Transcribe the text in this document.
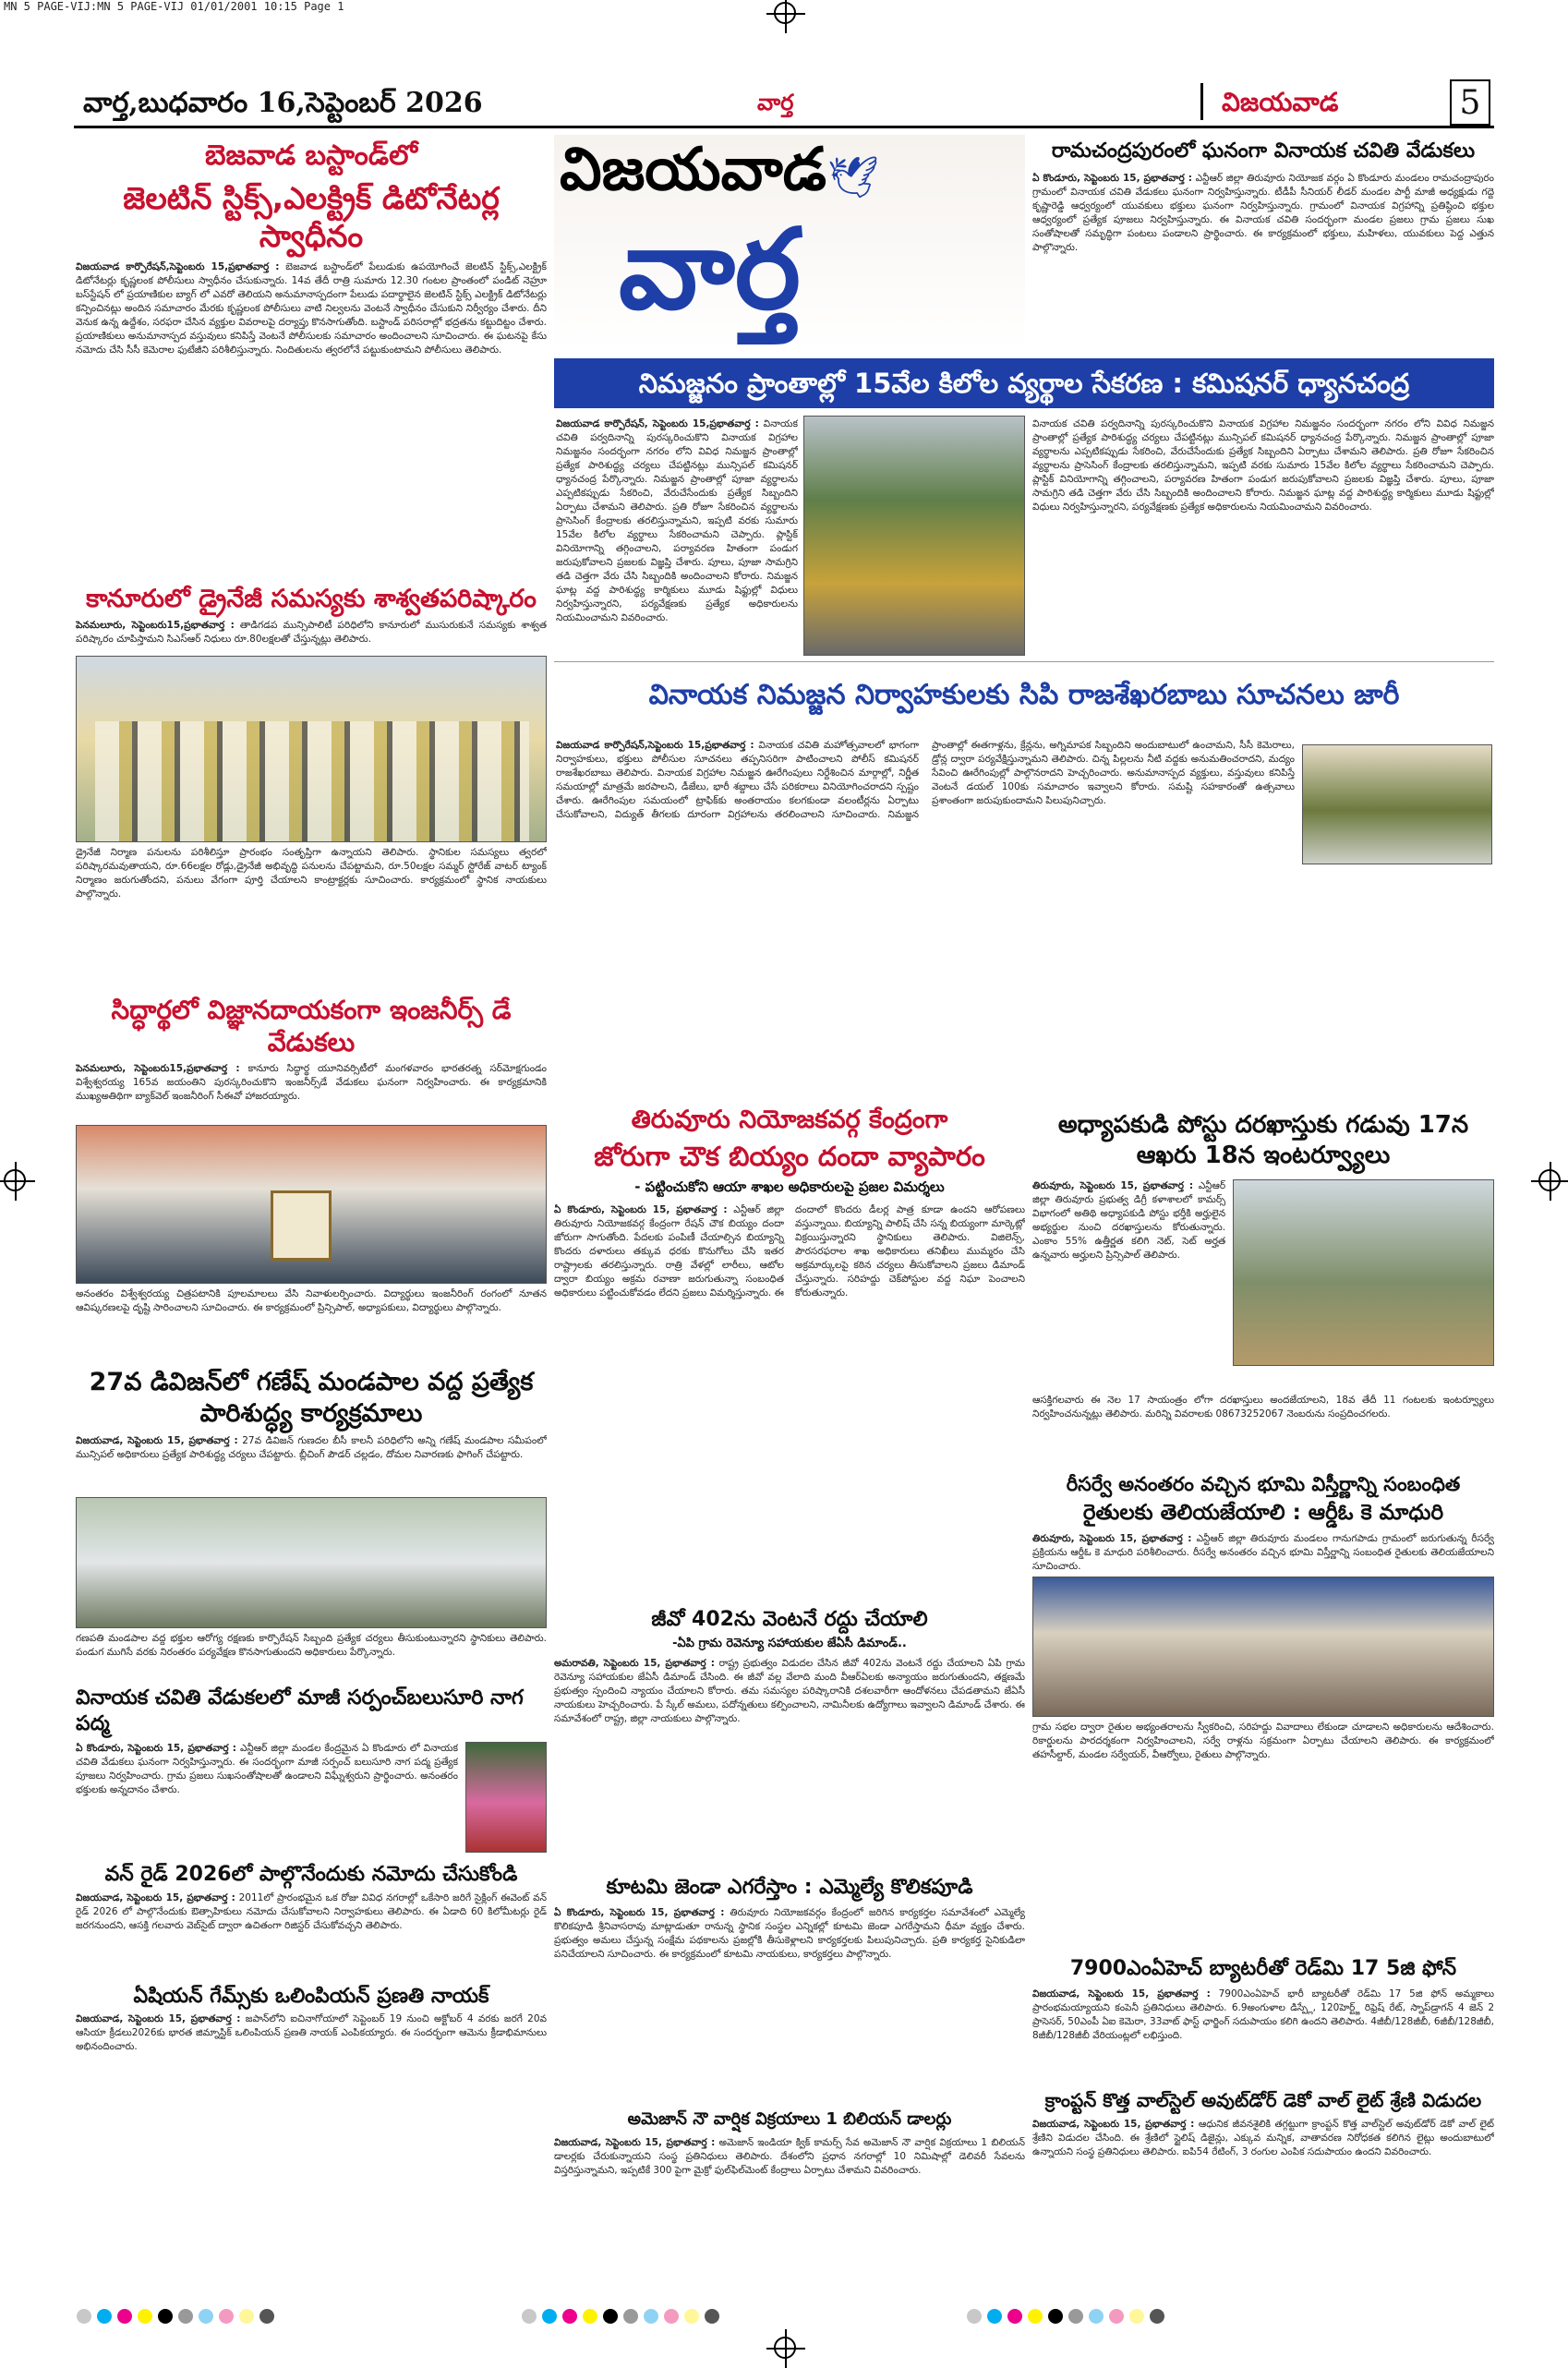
MN 5 PAGE-VIJ:MN 5 PAGE-VIJ 01/01/2001 10:15 Page 1
వార్త,బుధవారం 16,సెప్టెంబర్ 2026	వార్త	విజయవాడ	5
బెజవాడ బస్టాండ్‌లో
జెలటిన్ స్టిక్స్,ఎలక్ట్రిక్ డిటోనేటర్ల స్వాధీనం
విజయవాడ కార్పొరేషన్,సెప్టెంబరు 15,ప్రభాతవార్త : బెజవాడ బస్టాండ్‌లో పేలుడుకు ఉపయోగించే జెలటిన్ స్టిక్స్,ఎలక్ట్రిక్ డిటోనేటర్లు కృష్ణలంక పోలీసులు స్వాధీనం చేసుకున్నారు. 14వ తేదీ రాత్రి సుమారు 12.30 గంటల ప్రాంతంలో పండిట్ నెహ్రూ బస్‌స్టేషన్ లో ప్రయాణికుల బ్యాగ్ లో ఎవరో తెలియని అనుమానాస్పదంగా పేలుడు పదార్థాలైన జెలటిన్ స్టిక్స్ ఎలక్ట్రిక్ డిటోనేటర్లు కన్పించినట్లు అందిన సమాచారం మేరకు కృష్ణలంక పోలీసులు వాటి నిల్వలను వెంటనే స్వాధీనం చేసుకుని నిర్వీర్యం చేశారు. దీని వెనుక ఉన్న ఉద్దేశం, సరఫరా చేసిన వ్యక్తుల వివరాలపై దర్యాప్తు కొనసాగుతోంది. బస్టాండ్ పరిసరాల్లో భద్రతను కట్టుదిట్టం చేశారు. ప్రయాణికులు అనుమానాస్పద వస్తువులు కనిపిస్తే వెంటనే పోలీసులకు సమాచారం అందించాలని సూచించారు. ఈ ఘటనపై కేసు నమోదు చేసి సీసీ కెమెరాల ఫుటేజీని పరిశీలిస్తున్నారు. నిందితులను త్వరలోనే పట్టుకుంటామని పోలీసులు తెలిపారు.
కానూరులో డ్రైనేజీ సమస్యకు శాశ్వతపరిష్కారం
పెనమలూరు, సెప్టెంబరు15,ప్రభాతవార్త : తాడిగడప మున్సిపాలిటీ పరిధిలోని కానూరులో ముసురుకునే సమస్యకు శాశ్వత పరిష్కారం చూపిస్తామని సిఎస్ఆర్ నిధులు రూ.80లక్షలతో చేస్తున్నట్లు తెలిపారు.
డ్రైనేజీ నిర్మాణ పనులను పరిశీలిస్తూ ప్రారంభం సంతృప్తిగా ఉన్నాయని తెలిపారు. స్థానికుల సమస్యలు త్వరలో పరిష్కారమవుతాయని, రూ.66లక్షల రోడ్లు,డ్రైనేజీ అభివృద్ధి పనులను చేపట్టామని, రూ.50లక్షల సమ్మర్ స్టోరేజ్ వాటర్ ట్యాంక్ నిర్మాణం జరుగుతోందని, పనులు వేగంగా పూర్తి చేయాలని కాంట్రాక్టర్లకు సూచించారు. కార్యక్రమంలో స్థానిక నాయకులు పాల్గొన్నారు.
సిద్ధార్థలో విజ్ఞానదాయకంగా ఇంజనీర్స్ డే వేడుకలు
పెనమలూరు, సెప్టెంబరు15,ప్రభాతవార్త : కానూరు సిద్ధార్థ యూనివర్సిటీలో మంగళవారం భారతరత్న సర్‌మోక్షగుండం విశ్వేశ్వరయ్య 165వ జయంతిని పురస్కరించుకొని ఇంజనీర్స్‌డే వేడుకలు ఘనంగా నిర్వహించారు. ఈ కార్యక్రమానికి ముఖ్యఅతిథిగా బ్యాక్‌వెల్ ఇంజనీరింగ్ సీఈవో హాజరయ్యారు.
అనంతరం విశ్వేశ్వరయ్య చిత్రపటానికి పూలమాలలు వేసి నివాళులర్పించారు. విద్యార్థులు ఇంజనీరింగ్ రంగంలో నూతన ఆవిష్కరణలపై దృష్టి సారించాలని సూచించారు. ఈ కార్యక్రమంలో ప్రిన్సిపాల్, అధ్యాపకులు, విద్యార్థులు పాల్గొన్నారు.
27వ డివిజన్‌లో గణేష్ మండపాల వద్ద ప్రత్యేక పారిశుద్ధ్య కార్యక్రమాలు
విజయవాడ, సెప్టెంబరు 15, ప్రభాతవార్త : 27వ డివిజన్ గుణదల బీసీ కాలనీ పరిధిలోని అన్ని గణేష్ మండపాల సమీపంలో మున్సిపల్ అధికారులు ప్రత్యేక పారిశుద్ధ్య చర్యలు చేపట్టారు. బ్లీచింగ్ పౌడర్ చల్లడం, దోమల నివారణకు ఫాగింగ్ చేపట్టారు.
గణపతి మండపాల వద్ద భక్తుల ఆరోగ్య రక్షణకు కార్పొరేషన్ సిబ్బంది ప్రత్యేక చర్యలు తీసుకుంటున్నారని స్థానికులు తెలిపారు. పండుగ ముగిసే వరకు నిరంతరం పర్యవేక్షణ కొనసాగుతుందని అధికారులు పేర్కొన్నారు.
వినాయక చవితి వేడుకలలో మాజీ సర్పంచ్‌బలుసూరి నాగ పద్మ
ఏ కొండూరు, సెప్టెంబరు 15, ప్రభాతవార్త : ఎన్టీఆర్ జిల్లా మండల కేంద్రమైన ఏ కొండూరు లో వినాయక చవితి వేడుకలు ఘనంగా నిర్వహిస్తున్నారు. ఈ సందర్భంగా మాజీ సర్పంచ్ బలుసూరి నాగ పద్మ ప్రత్యేక పూజలు నిర్వహించారు. గ్రామ ప్రజలు సుఖసంతోషాలతో ఉండాలని విఘ్నేశ్వరుని ప్రార్థించారు. అనంతరం భక్తులకు అన్నదానం చేశారు.
వన్ రైడ్ 2026లో పాల్గొనేందుకు నమోదు చేసుకోండి
విజయవాడ, సెప్టెంబరు 15, ప్రభాతవార్త : 2011లో ప్రారంభమైన ఒక రోజు వివిధ నగరాల్లో ఒకేసారి జరిగే సైక్లింగ్ ఈవెంట్ వన్ రైడ్ 2026 లో పాల్గొనేందుకు ఔత్సాహికులు నమోదు చేసుకోవాలని నిర్వాహకులు తెలిపారు. ఈ ఏడాది 60 కిలోమీటర్లు రైడ్ జరగనుందని, ఆసక్తి గలవారు వెబ్‌సైట్ ద్వారా ఉచితంగా రిజిస్టర్ చేసుకోవచ్చని తెలిపారు.
ఏషియన్ గేమ్స్‌కు ఒలింపియన్ ప్రణతి నాయక్
విజయవాడ, సెప్టెంబరు 15, ప్రభాతవార్త : జపాన్‌లోని ఐచినాగోయాలో సెప్టెంబర్ 19 నుంచి అక్టోబర్ 4 వరకు జరగే 20వ ఆసియా క్రీడలు2026కు భారత జిమ్నాస్టిక్ ఒలింపియన్ ప్రణతి నాయక్ ఎంపికయ్యారు. ఈ సందర్భంగా ఆమెను క్రీడాభిమానులు అభినందించారు.
విజయవాడ 🕊
వార్త
రామచంద్రపురంలో ఘనంగా వినాయక చవితి వేడుకలు
ఏ కొండూరు, సెప్టెంబరు 15, ప్రభాతవార్త : ఎన్టీఆర్ జిల్లా తిరువూరు నియోజక వర్గం ఏ కొండూరు మండలం రామచంద్రాపురం గ్రామంలో వినాయక చవితి వేడుకలు ఘనంగా నిర్వహిస్తున్నారు. టీడీపీ సీనియర్ లీడర్ మండల పార్టీ మాజీ అధ్యక్షుడు గద్దె కృష్ణారెడ్డి ఆధ్వర్యంలో యువకులు భక్తులు ఘనంగా నిర్వహిస్తున్నారు. గ్రామంలో వినాయక విగ్రహాన్ని ప్రతిష్ఠించి భక్తుల ఆధ్వర్యంలో ప్రత్యేక పూజలు నిర్వహిస్తున్నారు. ఈ వినాయక చవితి సందర్భంగా మండల ప్రజలు గ్రామ ప్రజలు సుఖ సంతోషాలతో సమృద్ధిగా పంటలు పండాలని ప్రార్థించారు. ఈ కార్యక్రమంలో భక్తులు, మహిళలు, యువకులు పెద్ద ఎత్తున పాల్గొన్నారు.
నిమజ్జనం ప్రాంతాల్లో 15వేల కిలోల వ్యర్థాల సేకరణ : కమిషనర్ ధ్యానచంద్ర
విజయవాడ కార్పొరేషన్, సెప్టెంబరు 15,ప్రభాతవార్త : వినాయక చవితి పర్వదినాన్ని పురస్కరించుకొని వినాయక విగ్రహాల నిమజ్జనం సందర్భంగా నగరం లోని వివిధ నిమజ్జన ప్రాంతాల్లో ప్రత్యేక పారిశుద్ధ్య చర్యలు చేపట్టినట్లు మున్సిపల్ కమిషనర్ ధ్యానచంద్ర పేర్కొన్నారు. నిమజ్జన ప్రాంతాల్లో పూజా వ్యర్థాలను ఎప్పటికప్పుడు సేకరించి, వేరుచేసేందుకు ప్రత్యేక సిబ్బందిని ఏర్పాటు చేశామని తెలిపారు. ప్రతి రోజూ సేకరించిన వ్యర్థాలను ప్రాసెసింగ్ కేంద్రాలకు తరలిస్తున్నామని, ఇప్పటి వరకు సుమారు 15వేల కిలోల వ్యర్థాలు సేకరించామని చెప్పారు. ప్లాస్టిక్ వినియోగాన్ని తగ్గించాలని, పర్యావరణ హితంగా పండుగ జరుపుకోవాలని ప్రజలకు విజ్ఞప్తి చేశారు. పూలు, పూజా సామగ్రిని తడి చెత్తగా వేరు చేసి సిబ్బందికి అందించాలని కోరారు. నిమజ్జన ఘాట్ల వద్ద పారిశుద్ధ్య కార్మికులు మూడు షిఫ్టుల్లో విధులు నిర్వహిస్తున్నారని, పర్యవేక్షణకు ప్రత్యేక అధికారులను నియమించామని వివరించారు.
వినాయక చవితి పర్వదినాన్ని పురస్కరించుకొని వినాయక విగ్రహాల నిమజ్జనం సందర్భంగా నగరం లోని వివిధ నిమజ్జన ప్రాంతాల్లో ప్రత్యేక పారిశుద్ధ్య చర్యలు చేపట్టినట్లు మున్సిపల్ కమిషనర్ ధ్యానచంద్ర పేర్కొన్నారు. నిమజ్జన ప్రాంతాల్లో పూజా వ్యర్థాలను ఎప్పటికప్పుడు సేకరించి, వేరుచేసేందుకు ప్రత్యేక సిబ్బందిని ఏర్పాటు చేశామని తెలిపారు. ప్రతి రోజూ సేకరించిన వ్యర్థాలను ప్రాసెసింగ్ కేంద్రాలకు తరలిస్తున్నామని, ఇప్పటి వరకు సుమారు 15వేల కిలోల వ్యర్థాలు సేకరించామని చెప్పారు. ప్లాస్టిక్ వినియోగాన్ని తగ్గించాలని, పర్యావరణ హితంగా పండుగ జరుపుకోవాలని ప్రజలకు విజ్ఞప్తి చేశారు. పూలు, పూజా సామగ్రిని తడి చెత్తగా వేరు చేసి సిబ్బందికి అందించాలని కోరారు. నిమజ్జన ఘాట్ల వద్ద పారిశుద్ధ్య కార్మికులు మూడు షిఫ్టుల్లో విధులు నిర్వహిస్తున్నారని, పర్యవేక్షణకు ప్రత్యేక అధికారులను నియమించామని వివరించారు.
వినాయక నిమజ్జన నిర్వాహకులకు సిపి రాజశేఖరబాబు సూచనలు జారీ
విజయవాడ కార్పొరేషన్,సెప్టెంబరు 15,ప్రభాతవార్త : వినాయక చవితి మహోత్సవాలలో భాగంగా నిర్వాహకులు, భక్తులు పోలీసుల సూచనలు తప్పనిసరిగా పాటించాలని పోలీస్ కమిషనర్ రాజశేఖరబాబు తెలిపారు. వినాయక విగ్రహాల నిమజ్జన ఊరేగింపులు నిర్దేశించిన మార్గాల్లో, నిర్ణీత సమయాల్లో మాత్రమే జరపాలని, డీజేలు, భారీ శబ్దాలు చేసే పరికరాలు వినియోగించరాదని స్పష్టం చేశారు. ఊరేగింపుల సమయంలో ట్రాఫిక్‌కు అంతరాయం కలగకుండా వలంటీర్లను ఏర్పాటు చేసుకోవాలని, విద్యుత్ తీగలకు దూరంగా విగ్రహాలను తరలించాలని సూచించారు. నిమజ్జన ప్రాంతాల్లో ఈతగాళ్లను, క్రేన్లను, అగ్నిమాపక సిబ్బందిని అందుబాటులో ఉంచామని, సీసీ కెమెరాలు, డ్రోన్ల ద్వారా పర్యవేక్షిస్తున్నామని తెలిపారు. చిన్న పిల్లలను నీటి వద్దకు అనుమతించరాదని, మద్యం సేవించి ఊరేగింపుల్లో పాల్గొనరాదని హెచ్చరించారు. అనుమానాస్పద వ్యక్తులు, వస్తువులు కనిపిస్తే వెంటనే డయల్ 100కు సమాచారం ఇవ్వాలని కోరారు. సమష్టి సహకారంతో ఉత్సవాలు ప్రశాంతంగా జరుపుకుందామని పిలుపునిచ్చారు.
తిరువూరు నియోజకవర్గ కేంద్రంగా
జోరుగా చౌక బియ్యం దందా వ్యాపారం
- పట్టించుకోని ఆయా శాఖల అధికారులపై ప్రజల విమర్శలు
ఏ కొండూరు, సెప్టెంబరు 15, ప్రభాతవార్త : ఎన్టీఆర్ జిల్లా తిరువూరు నియోజకవర్గ కేంద్రంగా రేషన్ చౌక బియ్యం దందా జోరుగా సాగుతోంది. పేదలకు పంపిణీ చేయాల్సిన బియ్యాన్ని కొందరు దళారులు తక్కువ ధరకు కొనుగోలు చేసి ఇతర రాష్ట్రాలకు తరలిస్తున్నారు. రాత్రి వేళల్లో లారీలు, ఆటోల ద్వారా బియ్యం అక్రమ రవాణా జరుగుతున్నా సంబంధిత అధికారులు పట్టించుకోవడం లేదని ప్రజలు విమర్శిస్తున్నారు. ఈ దందాలో కొందరు డీలర్ల పాత్ర కూడా ఉందని ఆరోపణలు వస్తున్నాయి. బియ్యాన్ని పాలిష్ చేసి సన్న బియ్యంగా మార్కెట్లో విక్రయిస్తున్నారని స్థానికులు తెలిపారు. విజిలెన్స్, పౌరసరఫరాల శాఖ అధికారులు తనిఖీలు ముమ్మరం చేసి అక్రమార్కులపై కఠిన చర్యలు తీసుకోవాలని ప్రజలు డిమాండ్ చేస్తున్నారు. సరిహద్దు చెక్‌పోస్టుల వద్ద నిఘా పెంచాలని కోరుతున్నారు.
అధ్యాపకుడి పోస్టు దరఖాస్తుకు గడువు 17న ఆఖరు 18న ఇంటర్వ్యూలు
తిరువూరు, సెప్టెంబరు 15, ప్రభాతవార్త : ఎన్టీఆర్ జిల్లా తిరువూరు ప్రభుత్వ డిగ్రీ కళాశాలలో కామర్స్ విభాగంలో అతిథి అధ్యాపకుడి పోస్టు భర్తీకి అర్హులైన అభ్యర్థుల నుంచి దరఖాస్తులను కోరుతున్నారు. ఎంకాం 55% ఉత్తీర్ణత కలిగి నెట్, సెట్ అర్హత ఉన్నవారు అర్హులని ప్రిన్సిపాల్ తెలిపారు.
ఆసక్తిగలవారు ఈ నెల 17 సాయంత్రం లోగా దరఖాస్తులు అందజేయాలని, 18వ తేదీ 11 గంటలకు ఇంటర్వ్యూలు నిర్వహించనున్నట్లు తెలిపారు. మరిన్ని వివరాలకు 08673252067 నెంబరును సంప్రదించగలరు.
రీసర్వే అనంతరం వచ్చిన భూమి విస్తీర్ణాన్ని సంబంధిత
రైతులకు తెలియజేయాలి : ఆర్డీఓ కె మాధురి
తిరువూరు, సెప్టెంబరు 15, ప్రభాతవార్త : ఎన్టీఆర్ జిల్లా తిరువూరు మండలం గానుగపాడు గ్రామంలో జరుగుతున్న రీసర్వే ప్రక్రియను ఆర్డీఓ కె మాధురి పరిశీలించారు. రీసర్వే అనంతరం వచ్చిన భూమి విస్తీర్ణాన్ని సంబంధిత రైతులకు తెలియజేయాలని సూచించారు.
గ్రామ సభల ద్వారా రైతుల అభ్యంతరాలను స్వీకరించి, సరిహద్దు వివాదాలు లేకుండా చూడాలని అధికారులను ఆదేశించారు. రికార్డులను పారదర్శకంగా నిర్వహించాలని, సర్వే రాళ్లను సక్రమంగా ఏర్పాటు చేయాలని తెలిపారు. ఈ కార్యక్రమంలో తహసీల్దార్, మండల సర్వేయర్, వీఆర్వోలు, రైతులు పాల్గొన్నారు.
జీవో 402ను వెంటనే రద్దు చేయాలి
-ఏపి గ్రామ రెవెన్యూ సహాయకుల జేఏసీ డిమాండ్..
అమరావతి, సెప్టెంబరు 15, ప్రభాతవార్త : రాష్ట్ర ప్రభుత్వం విడుదల చేసిన జీవో 402ను వెంటనే రద్దు చేయాలని ఏపి గ్రామ రెవెన్యూ సహాయకుల జేఏసీ డిమాండ్ చేసింది. ఈ జీవో వల్ల వేలాది మంది వీఆర్‌ఏలకు అన్యాయం జరుగుతుందని, తక్షణమే ప్రభుత్వం స్పందించి న్యాయం చేయాలని కోరారు. తమ సమస్యల పరిష్కారానికి దశలవారీగా ఆందోళనలు చేపడతామని జేఏసీ నాయకులు హెచ్చరించారు. పే స్కేల్ అమలు, పదోన్నతులు కల్పించాలని, నామినీలకు ఉద్యోగాలు ఇవ్వాలని డిమాండ్ చేశారు. ఈ సమావేశంలో రాష్ట్ర, జిల్లా నాయకులు పాల్గొన్నారు.
కూటమి జెండా ఎగరేస్తాం : ఎమ్మెల్యే కొలికపూడి
ఏ కొండూరు, సెప్టెంబరు 15, ప్రభాతవార్త : తిరువూరు నియోజకవర్గం కేంద్రంలో జరిగిన కార్యకర్తల సమావేశంలో ఎమ్మెల్యే కొలికపూడి శ్రీనివాసరావు మాట్లాడుతూ రానున్న స్థానిక సంస్థల ఎన్నికల్లో కూటమి జెండా ఎగరేస్తామని ధీమా వ్యక్తం చేశారు. ప్రభుత్వం అమలు చేస్తున్న సంక్షేమ పథకాలను ప్రజల్లోకి తీసుకెళ్లాలని కార్యకర్తలకు పిలుపునిచ్చారు. ప్రతి కార్యకర్త సైనికుడిలా పనిచేయాలని సూచించారు. ఈ కార్యక్రమంలో కూటమి నాయకులు, కార్యకర్తలు పాల్గొన్నారు.
అమెజాన్ నౌ వార్షిక విక్రయాలు 1 బిలియన్ డాలర్లు
విజయవాడ, సెప్టెంబరు 15, ప్రభాతవార్త : అమెజాన్ ఇండియా క్విక్ కామర్స్ సేవ అమెజాన్ నౌ వార్షిక విక్రయాలు 1 బిలియన్ డాలర్లకు చేరుకున్నాయని సంస్థ ప్రతినిధులు తెలిపారు. దేశంలోని ప్రధాన నగరాల్లో 10 నిమిషాల్లో డెలివరీ సేవలను విస్తరిస్తున్నామని, ఇప్పటికే 300 పైగా మైక్రో ఫుల్‌ఫిల్‌మెంట్ కేంద్రాలు ఏర్పాటు చేశామని వివరించారు.
7900ఎంఏహెచ్ బ్యాటరీతో రెడ్‌మి 17 5జి ఫోన్
విజయవాడ, సెప్టెంబరు 15, ప్రభాతవార్త : 7900ఎంఏహెచ్ భారీ బ్యాటరీతో రెడ్‌మి 17 5జి ఫోన్ అమ్మకాలు ప్రారంభమయ్యాయని కంపెనీ ప్రతినిధులు తెలిపారు. 6.9అంగుళాల డిస్ప్లే, 120హెర్ట్జ్ రిఫ్రెష్ రేట్, స్నాప్‌డ్రాగన్ 4 జెన్ 2 ప్రాసెసర్, 50ఎంపీ ఏఐ కెమెరా, 33వాట్ ఫాస్ట్ ఛార్జింగ్ సదుపాయం కలిగి ఉందని తెలిపారు. 4జీబీ/128జీబీ, 6జీబీ/128జీబీ, 8జీబీ/128జీబీ వేరియంట్లలో లభిస్తుంది.
క్రాంప్టన్ కొత్త వాల్‌స్టెల్ అవుట్‌డోర్ డెకో వాల్ లైట్ శ్రేణి విడుదల
విజయవాడ, సెప్టెంబరు 15, ప్రభాతవార్త : ఆధునిక జీవనశైలికి తగ్గట్టుగా క్రాంప్టన్ కొత్త వాల్‌స్టెల్ అవుట్‌డోర్ డెకో వాల్ లైట్ శ్రేణిని విడుదల చేసింది. ఈ శ్రేణిలో స్టైలిష్ డిజైన్లు, ఎక్కువ మన్నిక, వాతావరణ నిరోధకత కలిగిన లైట్లు అందుబాటులో ఉన్నాయని సంస్థ ప్రతినిధులు తెలిపారు. ఐపి54 రేటింగ్, 3 రంగుల ఎంపిక సదుపాయం ఉందని వివరించారు.
